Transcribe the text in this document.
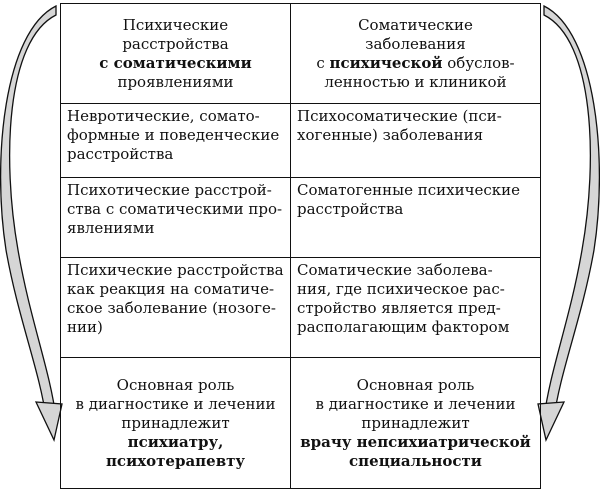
Психические
расстройства
с соматическими
проявлениями	Соматические
заболевания
с психической обуслов-
ленностью и клиникой

Невротические, сомато-
формные и поведенческие
расстройства	Психосоматические (пси-
хогенные) заболевания

Психотические расстрой-
ства с соматическими про-
явлениями	Соматогенные психические
расстройства

Психические расстройства
как реакция на соматиче-
ское заболевание (нозоге-
нии)	Соматические заболева-
ния, где психическое рас-
стройство является пред-
располагающим фактором

Основная роль
в диагностике и лечении
принадлежит
психиатру,
психотерапевту	Основная роль
в диагностике и лечении
принадлежит
врачу непсихиатрической
специальности
